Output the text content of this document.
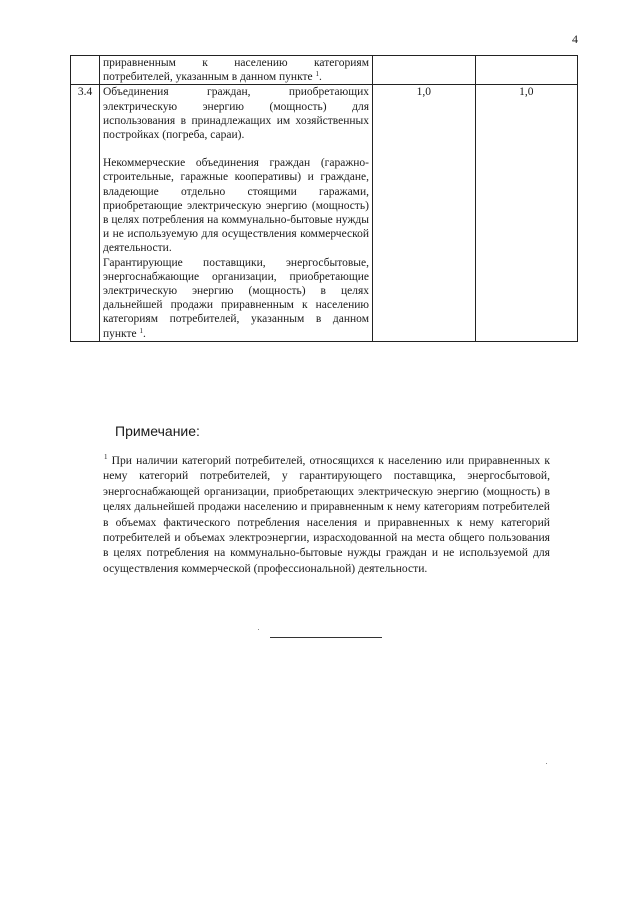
4

	приравненным к населению категориям потребителей, указанным в данном пункте $^1$.		

3.4	Объединения граждан, приобретающих электрическую энергию (мощность) для использования в принадлежащих им хозяйственных постройках (погреба, сараи).

Некоммерческие объединения граждан (гаражно-строительные, гаражные кооперативы) и граждане, владеющие отдельно стоящими гаражами, приобретающие электрическую энергию (мощность) в целях потребления на коммунально-бытовые нужды и не используемую для осуществления коммерческой деятельности.

Гарантирующие поставщики, энергосбытовые, энергоснабжающие организации, приобретающие электрическую энергию (мощность) в целях дальнейшей продажи приравненным к населению категориям потребителей, указанным в данном пункте $^1$.	1,0	1,0
Примечание:

$^1$ При наличии категорий потребителей, относящихся к населению или приравненных к нему категорий потребителей, у гарантирующего поставщика, энергосбытовой, энергоснабжающей организации, приобретающих электрическую энергию (мощность) в целях дальнейшей продажи населению и приравненным к нему категориям потребителей в объемах фактического потребления населения и приравненных к нему категорий потребителей и объемах электроэнергии, израсходованной на места общего пользования в целях потребления на коммунально-бытовые нужды граждан и не используемой для осуществления коммерческой (профессиональной) деятельности.
